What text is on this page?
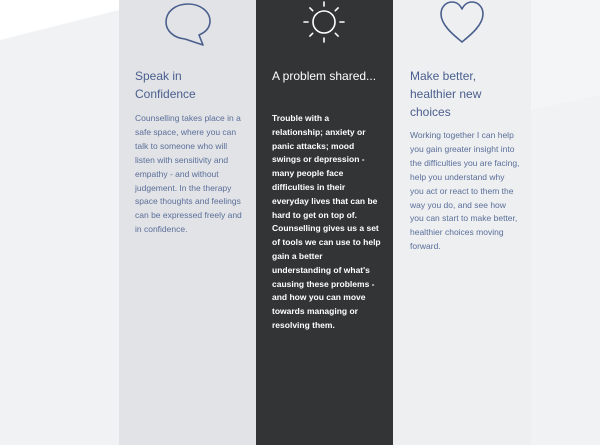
Speak in Confidence

Counselling takes place in a safe space, where you can talk to someone who will listen with sensitivity and empathy - and without judgement. In the therapy space thoughts and feelings can be expressed freely and in confidence.

A problem shared...

Trouble with a relationship; anxiety or panic attacks; mood swings or depression - many people face difficulties in their everyday lives that can be hard to get on top of. Counselling gives us a set of tools we can use to help gain a better understanding of what's causing these problems - and how you can move towards managing or resolving them.

Make better, healthier new choices

Working together I can help you gain greater insight into the difficulties you are facing, help you understand why you act or react to them the way you do, and see how you can start to make better, healthier choices moving forward.
